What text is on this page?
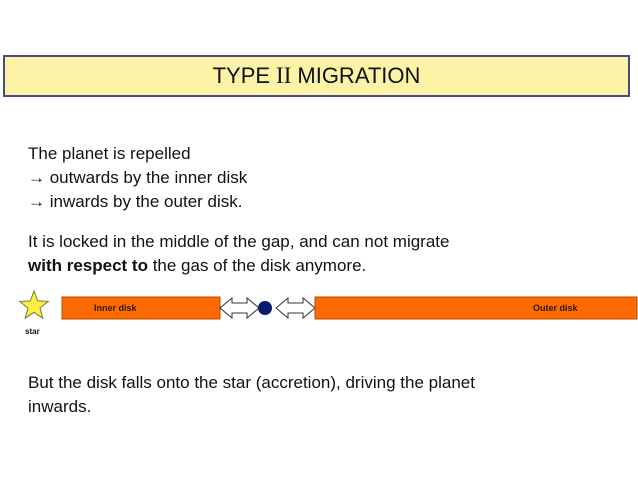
TYPE II MIGRATION
The planet is repelled
→ outwards by the inner disk
→ inwards by the outer disk.
It is locked in the middle of the gap, and can not migrate
with respect to the gas of the disk anymore.
star
Inner disk	Outer disk
But the disk falls onto the star (accretion), driving the planet
inwards.
